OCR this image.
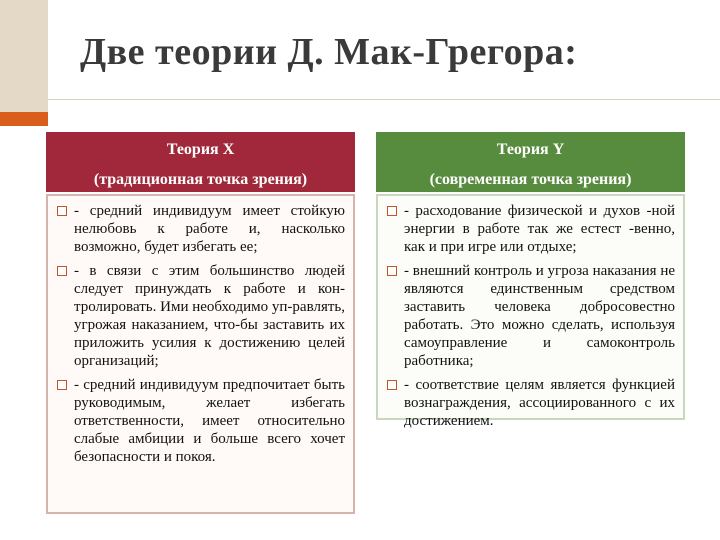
Две теории Д. Мак-Грегора:
Теория Х
(традиционная точка зрения)
- средний индивидуум имеет стойкую нелюбовь к работе и, насколько возможно, будет избегать ее;
- в связи с этим большинство людей следует принуждать к работе и кон-тролировать. Ими необходимо уп-равлять, угрожая наказанием, что-бы заставить их приложить усилия к достижению целей организаций;
- средний индивидуум предпочитает быть руководимым, желает избегать ответственности, имеет относительно слабые амбиции и больше всего хочет безопасности и покоя.
Теория Y
(современная точка зрения)
- расходование физической и духов -ной энергии в работе так же естест -венно, как и при игре или отдыхе;
- внешний контроль и угроза наказания не являются единственным средством заставить человека добросовестно работать. Это можно сделать, используя самоуправление и самоконтроль работника;
- соответствие целям является функцией вознаграждения, ассоциированного с их достижением.
